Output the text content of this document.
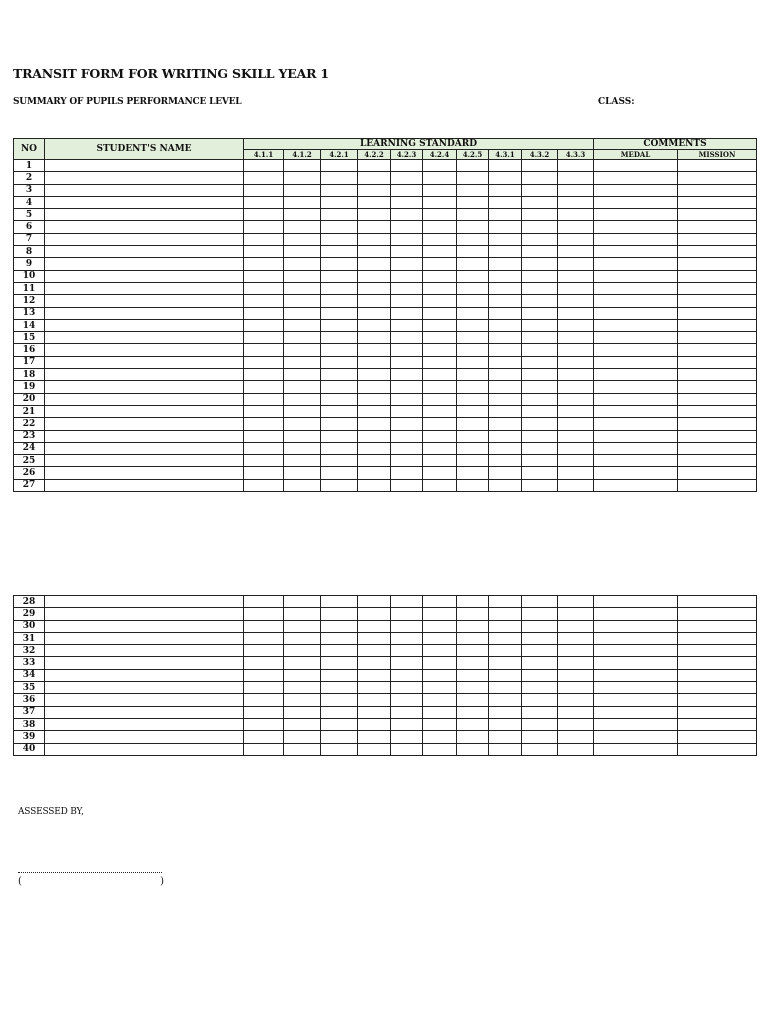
TRANSIT FORM FOR WRITING SKILL YEAR 1
SUMMARY OF PUPILS PERFORMANCE LEVEL	CLASS:
NO	STUDENT'S NAME	LEARNING STANDARD										COMMENTS	
		4.1.1	4.1.2	4.2.1	4.2.2	4.2.3	4.2.4	4.2.5	4.3.1	4.3.2	4.3.3	MEDAL	MISSION
1													
2													
3													
4													
5													
6													
7													
8													
9													
10													
11													
12													
13													
14													
15													
16													
17													
18													
19													
20													
21													
22													
23													
24													
25													
26													
27													
28													
29													
30													
31													
32													
33													
34													
35													
36													
37													
38													
39													
40													
ASSESSED BY,
(	)
